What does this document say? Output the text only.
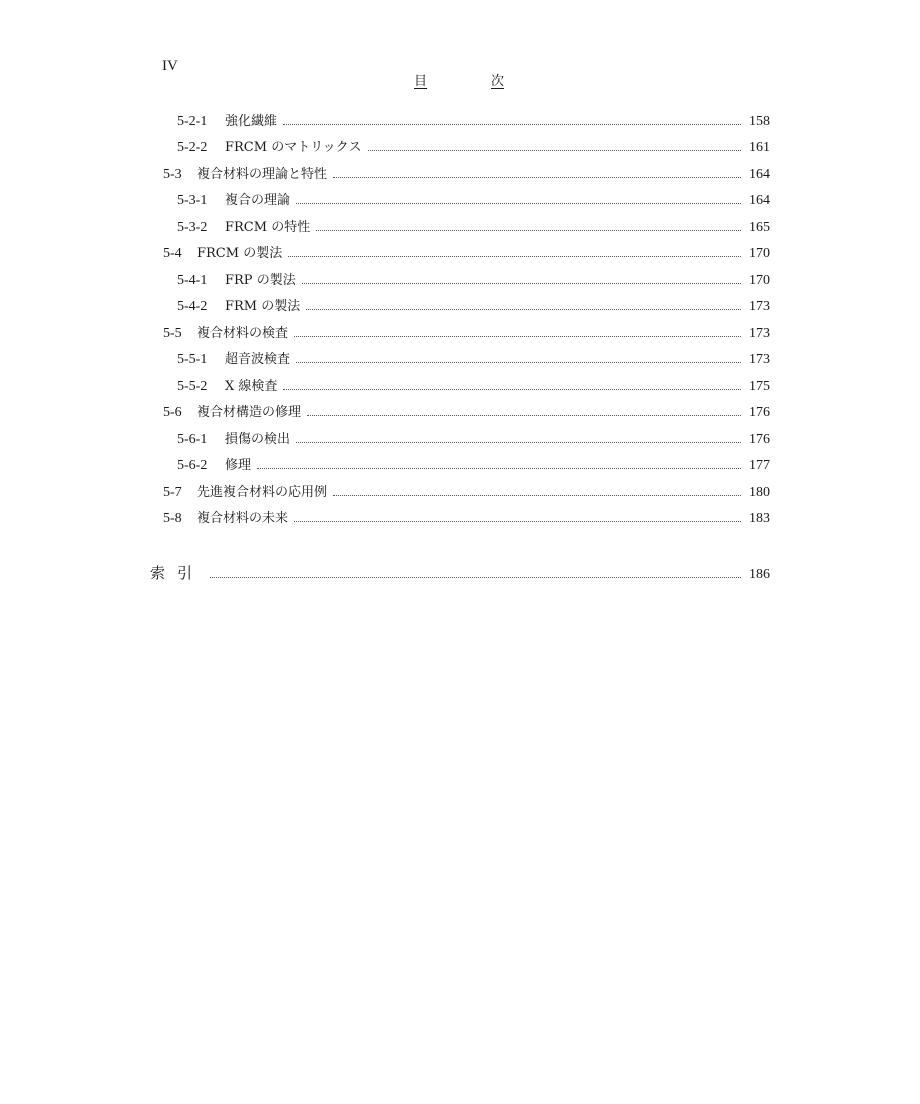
IV
目	次
5-2-1	強化繊維	158
5-2-2	FRCM のマトリックス	161
5-3	複合材料の理論と特性	164
5-3-1	複合の理論	164
5-3-2	FRCM の特性	165
5-4	FRCM の製法	170
5-4-1	FRP の製法	170
5-4-2	FRM の製法	173
5-5	複合材料の検査	173
5-5-1	超音波検査	173
5-5-2	X 線検査	175
5-6	複合材構造の修理	176
5-6-1	損傷の検出	176
5-6-2	修理	177
5-7	先進複合材料の応用例	180
5-8	複合材料の未来	183
索引	186
